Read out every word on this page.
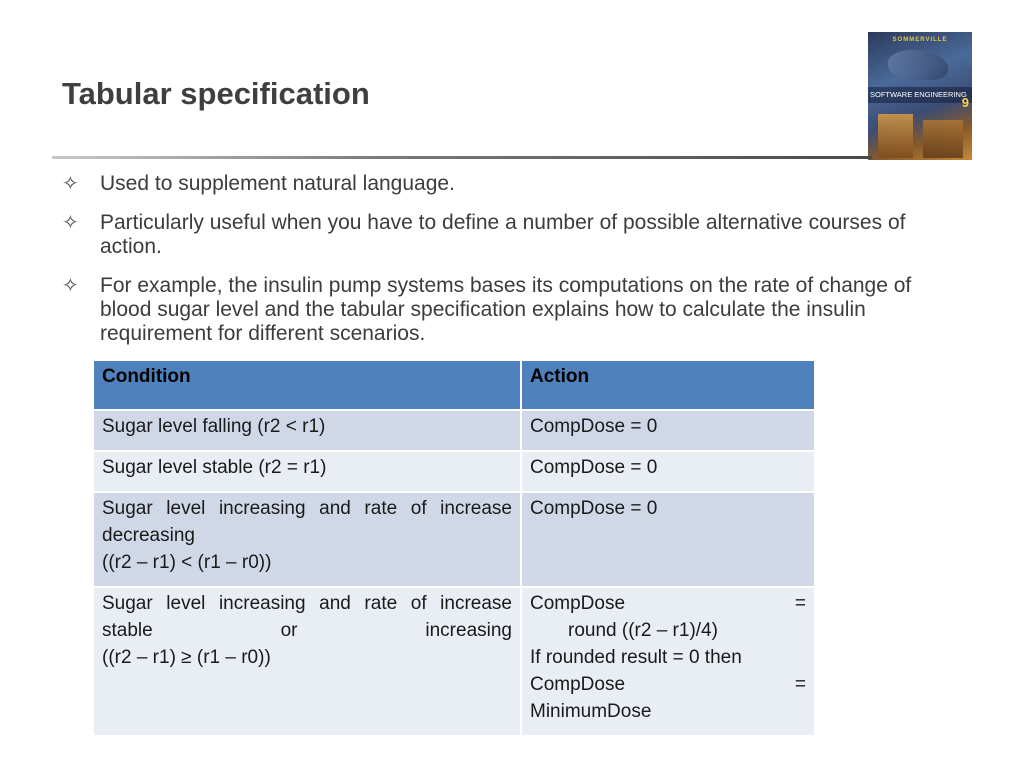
Tabular specification
SOMMERVILLE
SOFTWARE ENGINEERING
9
✧ Used to supplement natural language.
✧ Particularly useful when you have to define a number of possible alternative courses of action.
✧ For example, the insulin pump systems bases its computations on the rate of change of blood sugar level and the tabular specification explains how to calculate the insulin requirement for different scenarios.
Condition	Action
Sugar level falling (r2 < r1)	CompDose = 0
Sugar level stable (r2 = r1)	CompDose = 0

Sugar level increasing and rate of increase decreasing
((r2 – r1) < (r1 – r0))	CompDose = 0

Sugar level increasing and rate of increase stable or increasing
((r2 – r1) ≥ (r1 – r0))	CompDose =
round ((r2 – r1)/4)
If rounded result = 0 then
CompDose =
MinimumDose
